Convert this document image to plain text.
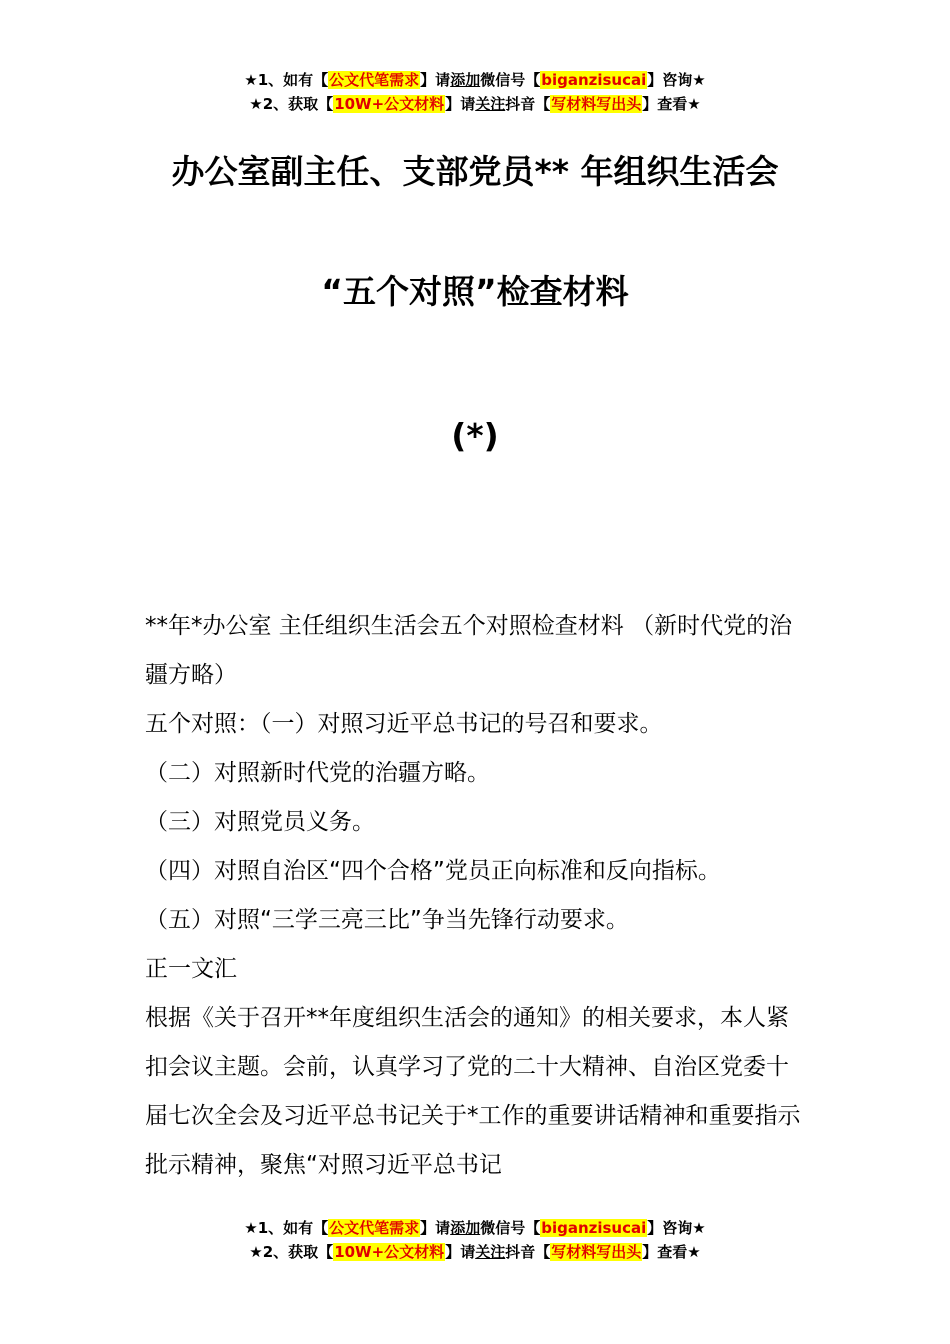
★1、如有【公文代笔需求】请添加微信号【biganzisucai】咨询★
★2、获取【10W+公文材料】请关注抖音【写材料写出头】查看★
办公室副主任、支部党员** 年组织生活会
“五个对照”检查材料
(*)

**年*办公室 主任组织生活会五个对照检查材料 （新时代党的治疆方略）

五个对照：（一）对照习近平总书记的号召和要求。

（二）对照新时代党的治疆方略。

（三）对照党员义务。

（四）对照自治区“四个合格”党员正向标准和反向指标。

（五）对照“三学三亮三比”争当先锋行动要求。

正一文汇

根据《关于召开**年度组织生活会的通知》的相关要求，本人紧扣会议主题。会前，认真学习了党的二十大精神、自治区党委十届七次全会及习近平总书记关于*工作的重要讲话精神和重要指示批示精神，聚焦“对照习近平总书记

★1、如有【公文代笔需求】请添加微信号【biganzisucai】咨询★
★2、获取【10W+公文材料】请关注抖音【写材料写出头】查看★
